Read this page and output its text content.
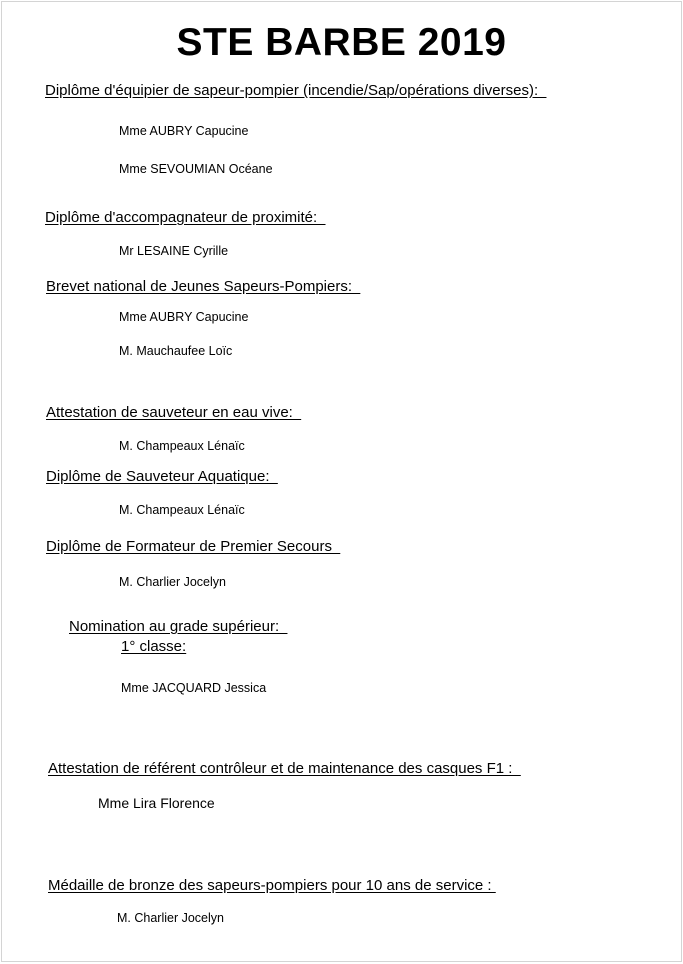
STE BARBE 2019
Diplôme d'équipier de sapeur-pompier (incendie/Sap/opérations diverses):
Mme AUBRY Capucine
Mme SEVOUMIAN Océane
Diplôme d'accompagnateur de proximité:
Mr LESAINE Cyrille
Brevet national de Jeunes Sapeurs-Pompiers:
Mme AUBRY Capucine
M. Mauchaufee Loïc
Attestation de sauveteur en eau vive:
M. Champeaux Lénaïc
Diplôme de Sauveteur Aquatique:
M. Champeaux Lénaïc
Diplôme de Formateur de Premier Secours
M. Charlier Jocelyn
Nomination au grade supérieur:
1° classe:
Mme JACQUARD Jessica
Attestation de référent contrôleur et de maintenance des casques F1 :
Mme Lira Florence
Médaille de bronze des sapeurs-pompiers pour 10 ans de service :
M. Charlier Jocelyn
